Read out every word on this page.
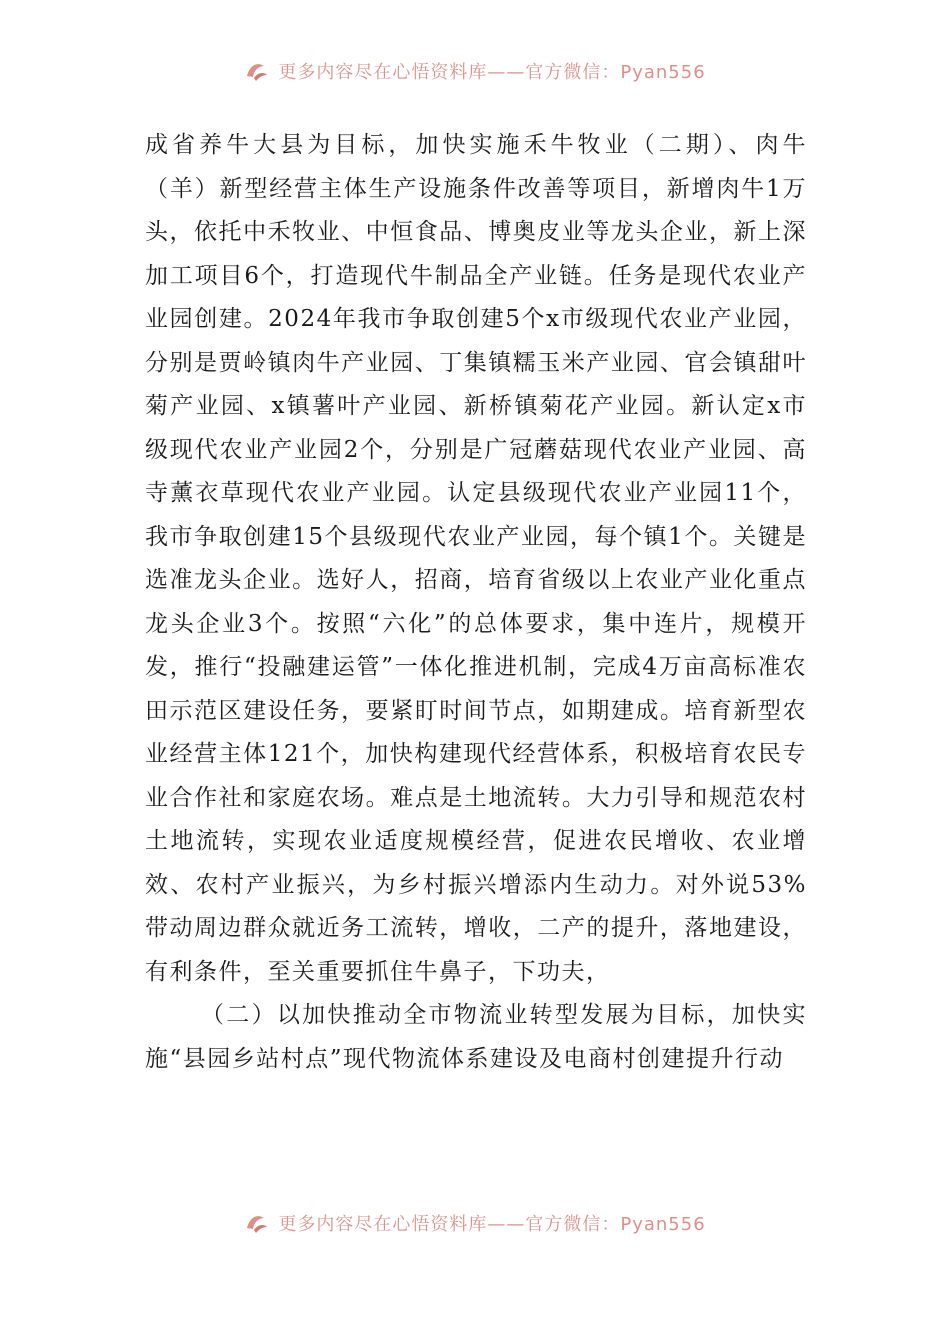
更多内容尽在心悟资料库——官方微信：Pyan556

成省养牛大县为目标，加快实施禾牛牧业（二期）、肉牛（羊）新型经营主体生产设施条件改善等项目，新增肉牛1万头，依托中禾牧业、中恒食品、博奥皮业等龙头企业，新上深加工项目6个，打造现代牛制品全产业链。任务是现代农业产业园创建。2024年我市争取创建5个x市级现代农业产业园，分别是贾岭镇肉牛产业园、丁集镇糯玉米产业园、官会镇甜叶菊产业园、x镇薯叶产业园、新桥镇菊花产业园。新认定x市级现代农业产业园2个，分别是广冠蘑菇现代农业产业园、高寺薰衣草现代农业产业园。认定县级现代农业产业园11个，我市争取创建15个县级现代农业产业园，每个镇1个。关键是选准龙头企业。选好人，招商，培育省级以上农业产业化重点龙头企业3个。按照“六化”的总体要求，集中连片，规模开发，推行“投融建运管”一体化推进机制，完成4万亩高标准农田示范区建设任务，要紧盯时间节点，如期建成。培育新型农业经营主体121个，加快构建现代经营体系，积极培育农民专业合作社和家庭农场。难点是土地流转。大力引导和规范农村土地流转，实现农业适度规模经营，促进农民增收、农业增效、农村产业振兴，为乡村振兴增添内生动力。对外说53%带动周边群众就近务工流转，增收，二产的提升，落地建设，有利条件，至关重要抓住牛鼻子，下功夫，

（二）以加快推动全市物流业转型发展为目标，加快实施“县园乡站村点”现代物流体系建设及电商村创建提升行动

更多内容尽在心悟资料库——官方微信：Pyan556
